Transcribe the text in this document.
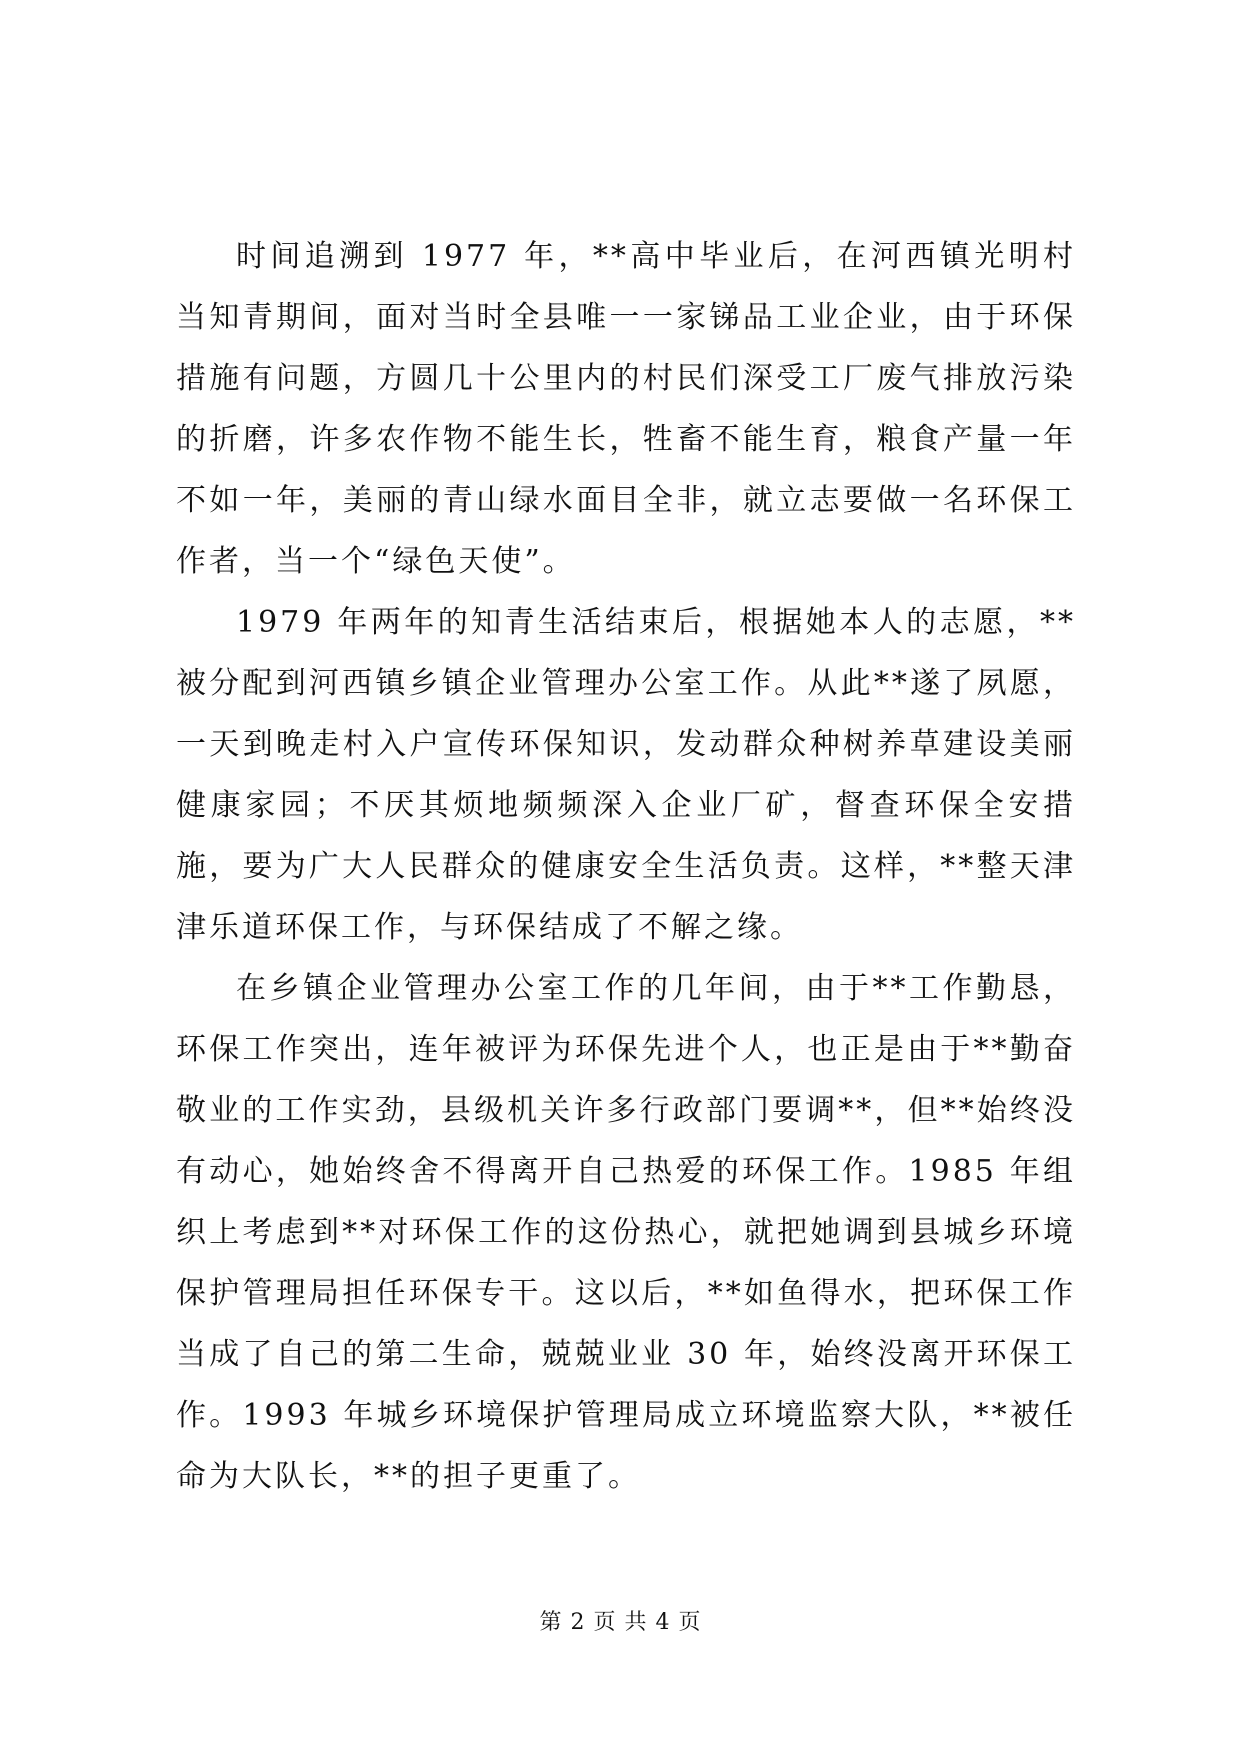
时间追溯到 1977 年，**高中毕业后，在河西镇光明村当知青期间，面对当时全县唯一一家锑品工业企业，由于环保措施有问题，方圆几十公里内的村民们深受工厂废气排放污染的折磨，许多农作物不能生长，牲畜不能生育，粮食产量一年不如一年，美丽的青山绿水面目全非，就立志要做一名环保工作者，当一个“绿色天使”。

1979 年两年的知青生活结束后，根据她本人的志愿，**被分配到河西镇乡镇企业管理办公室工作。从此**遂了夙愿，一天到晚走村入户宣传环保知识，发动群众种树养草建设美丽健康家园；不厌其烦地频频深入企业厂矿，督查环保全安措施，要为广大人民群众的健康安全生活负责。这样，**整天津津乐道环保工作，与环保结成了不解之缘。

在乡镇企业管理办公室工作的几年间，由于**工作勤恳，环保工作突出，连年被评为环保先进个人，也正是由于**勤奋敬业的工作实劲，县级机关许多行政部门要调**，但**始终没有动心，她始终舍不得离开自己热爱的环保工作。1985 年组织上考虑到**对环保工作的这份热心，就把她调到县城乡环境保护管理局担任环保专干。这以后，**如鱼得水，把环保工作当成了自己的第二生命，兢兢业业 30 年，始终没离开环保工作。1993 年城乡环境保护管理局成立环境监察大队，**被任命为大队长，**的担子更重了。

第 2 页 共 4 页
